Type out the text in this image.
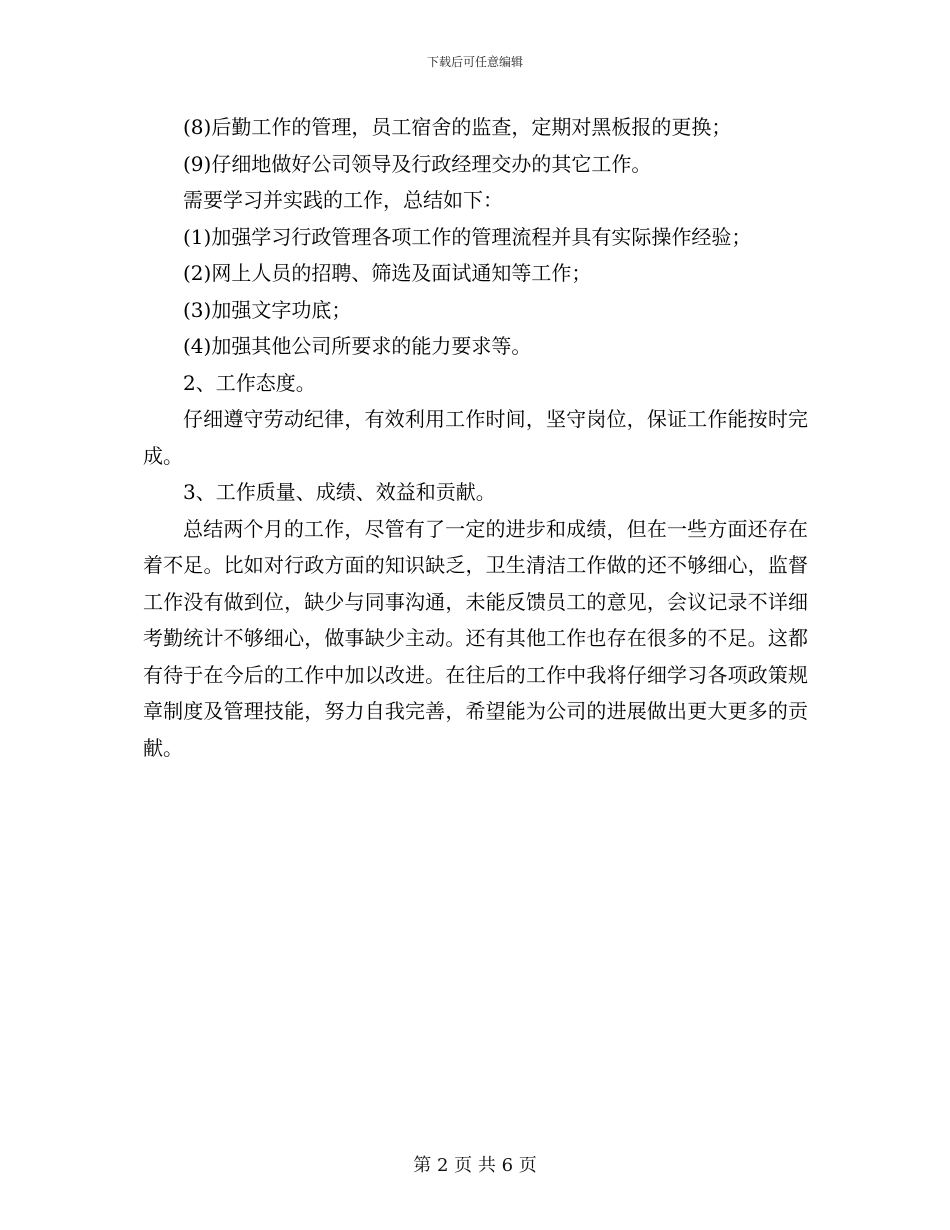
下载后可任意编辑

(8)后勤工作的管理，员工宿舍的监查，定期对黑板报的更换；

(9)仔细地做好公司领导及行政经理交办的其它工作。

需要学习并实践的工作，总结如下：

(1)加强学习行政管理各项工作的管理流程并具有实际操作经验；

(2)网上人员的招聘、筛选及面试通知等工作；

(3)加强文字功底；

(4)加强其他公司所要求的能力要求等。

2、工作态度。

仔细遵守劳动纪律，有效利用工作时间，坚守岗位，保证工作能按时完成。

3、工作质量、成绩、效益和贡献。

总结两个月的工作，尽管有了一定的进步和成绩，但在一些方面还存在着不足。比如对行政方面的知识缺乏，卫生清洁工作做的还不够细心，监督工作没有做到位，缺少与同事沟通，未能反馈员工的意见，会议记录不详细考勤统计不够细心，做事缺少主动。还有其他工作也存在很多的不足。这都有待于在今后的工作中加以改进。在往后的工作中我将仔细学习各项政策规章制度及管理技能，努力自我完善，希望能为公司的进展做出更大更多的贡献。

第 2 页 共 6 页
